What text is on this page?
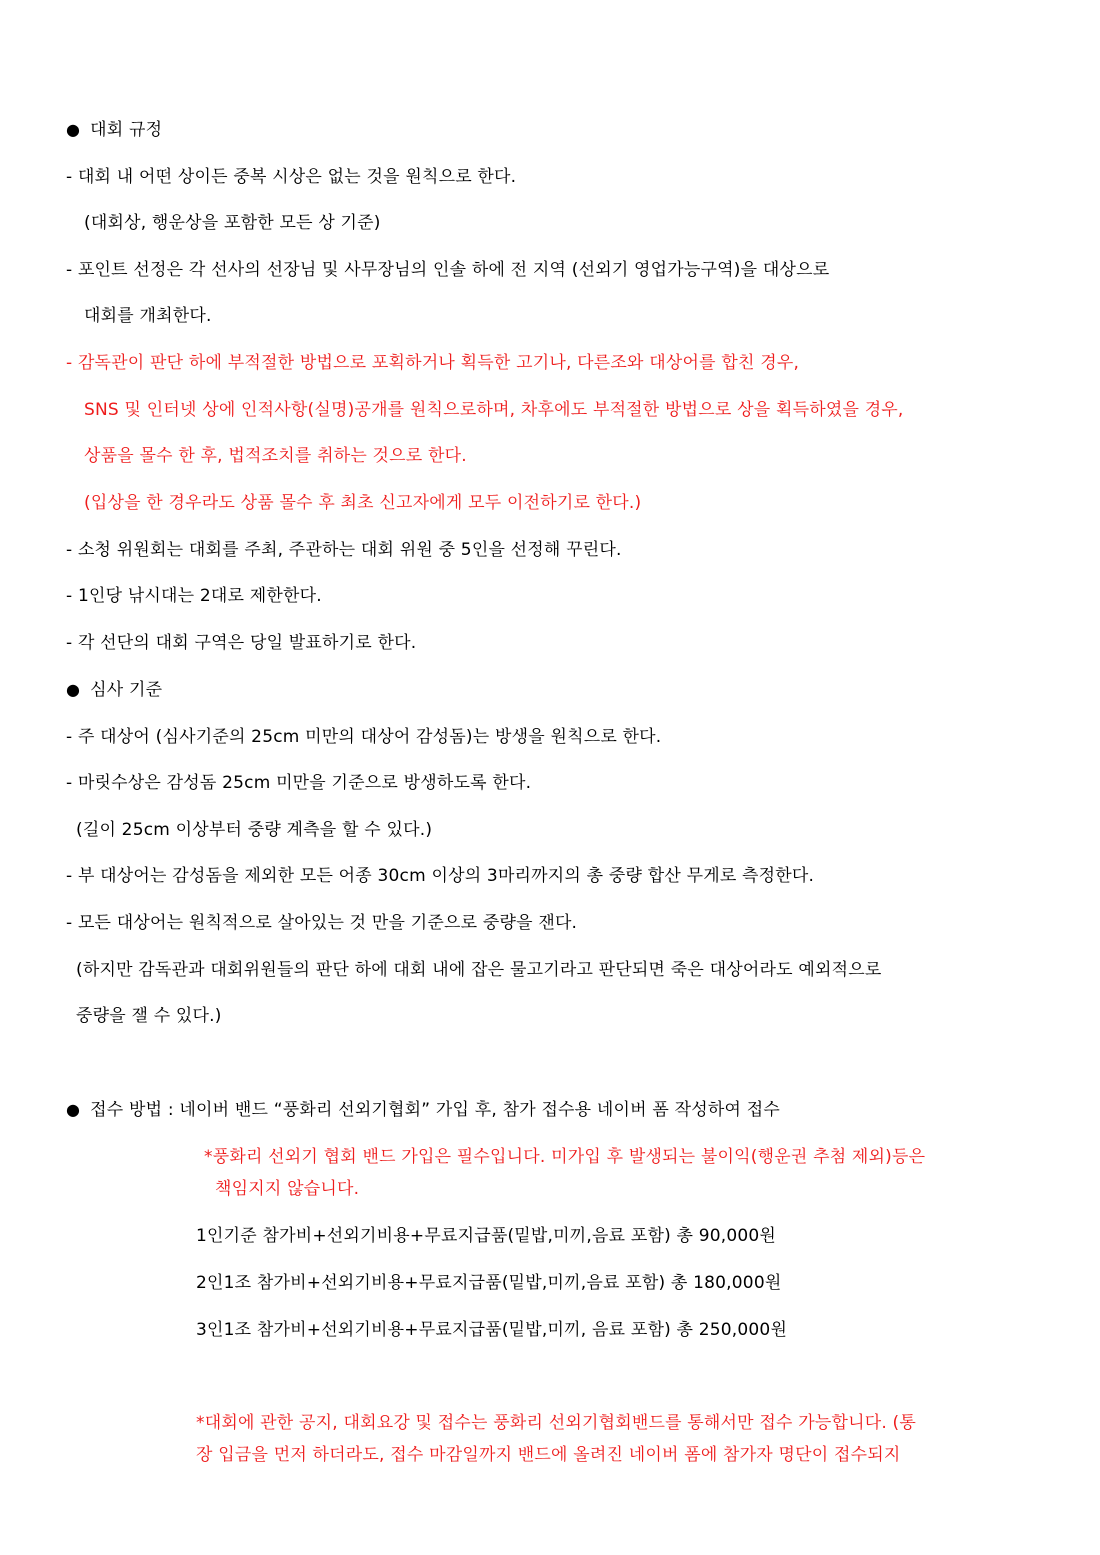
● 대회 규정
- 대회 내 어떤 상이든 중복 시상은 없는 것을 원칙으로 한다.
(대회상, 행운상을 포함한 모든 상 기준)
- 포인트 선정은 각 선사의 선장님 및 사무장님의 인솔 하에 전 지역 (선외기 영업가능구역)을 대상으로
대회를 개최한다.
- 감독관이 판단 하에 부적절한 방법으로 포획하거나 획득한 고기나, 다른조와 대상어를 합친 경우,
SNS 및 인터넷 상에 인적사항(실명)공개를 원칙으로하며, 차후에도 부적절한 방법으로 상을 획득하였을 경우,
상품을 몰수 한 후, 법적조치를 취하는 것으로 한다.
(입상을 한 경우라도 상품 몰수 후 최초 신고자에게 모두 이전하기로 한다.)
- 소청 위원회는 대회를 주최, 주관하는 대회 위원 중 5인을 선정해 꾸린다.
- 1인당 낚시대는 2대로 제한한다.
- 각 선단의 대회 구역은 당일 발표하기로 한다.
● 심사 기준
- 주 대상어 (심사기준의 25cm 미만의 대상어 감성돔)는 방생을 원칙으로 한다.
- 마릿수상은 감성돔 25cm 미만을 기준으로 방생하도록 한다.
(길이 25cm 이상부터 중량 계측을 할 수 있다.)
- 부 대상어는 감성돔을 제외한 모든 어종 30cm 이상의 3마리까지의 총 중량 합산 무게로 측정한다.
- 모든 대상어는 원칙적으로 살아있는 것 만을 기준으로 중량을 잰다.
(하지만 감독관과 대회위원들의 판단 하에 대회 내에 잡은 물고기라고 판단되면 죽은 대상어라도 예외적으로
중량을 잴 수 있다.)
● 접수 방법 : 네이버 밴드 “풍화리 선외기협회” 가입 후, 참가 접수용 네이버 폼 작성하여 접수
*풍화리 선외기 협회 밴드 가입은 필수입니다. 미가입 후 발생되는 불이익(행운권 추첨 제외)등은
책임지지 않습니다.
1인기준 참가비+선외기비용+무료지급품(밑밥,미끼,음료 포함) 총 90,000원
2인1조 참가비+선외기비용+무료지급품(밑밥,미끼,음료 포함) 총 180,000원
3인1조 참가비+선외기비용+무료지급품(밑밥,미끼, 음료 포함) 총 250,000원
*대회에 관한 공지, 대회요강 및 접수는 풍화리 선외기협회밴드를 통해서만 접수 가능합니다. (통
장 입금을 먼저 하더라도, 접수 마감일까지 밴드에 올려진 네이버 폼에 참가자 명단이 접수되지
